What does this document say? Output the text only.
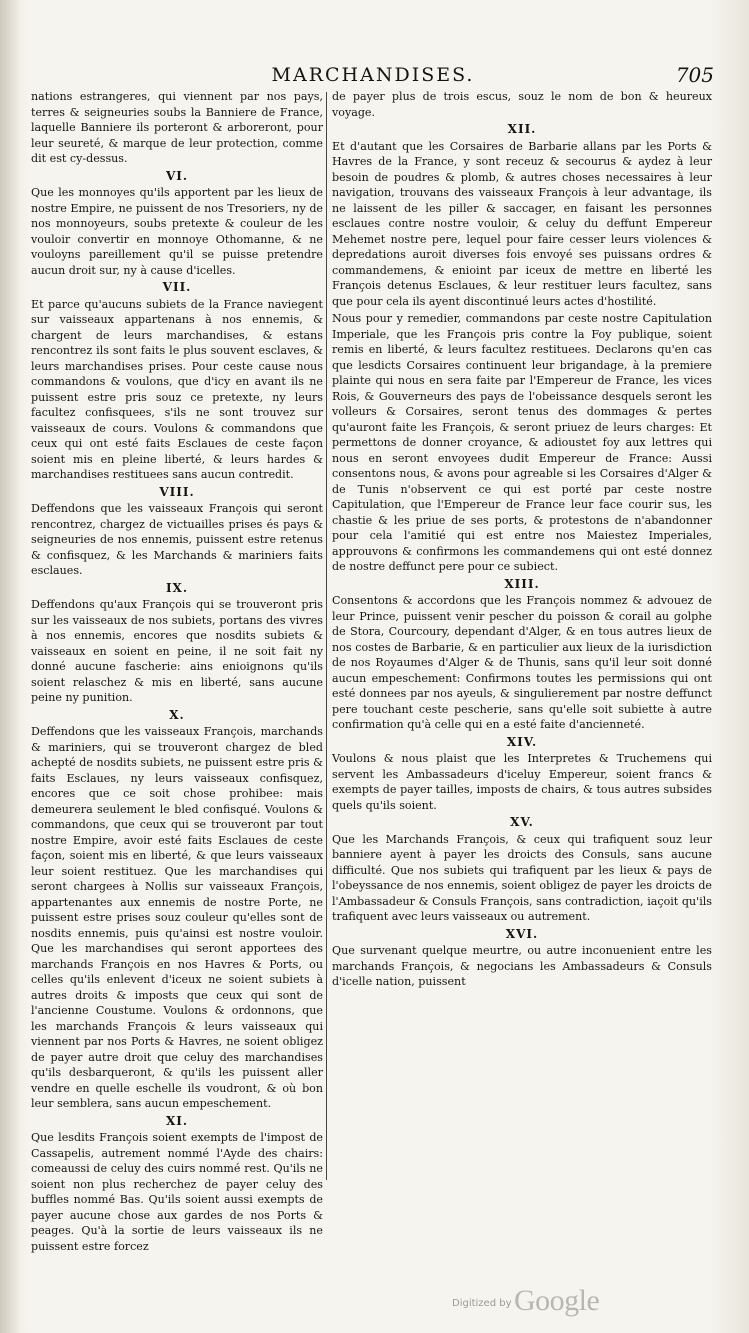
MARCHANDISES.	705

nations estrangeres, qui viennent par nos pays, terres & seigneuries soubs la Banniere de France, laquelle Banniere ils porteront & arboreront, pour leur seureté, & marque de leur protection, comme dit est cy-dessus.

VI.

Que les monnoyes qu'ils apportent par les lieux de nostre Empire, ne puissent de nos Tresoriers, ny de nos monnoyeurs, soubs pretexte & couleur de les vouloir convertir en monnoye Othomanne, & ne vouloyns pareillement qu'il se puisse pretendre aucun droit sur, ny à cause d'icelles.

VII.

Et parce qu'aucuns subiets de la France naviegent sur vaisseaux appartenans à nos ennemis, & chargent de leurs marchandises, & estans rencontrez ils sont faits le plus souvent esclaves, & leurs marchandises prises. Pour ceste cause nous commandons & voulons, que d'icy en avant ils ne puissent estre pris souz ce pretexte, ny leurs facultez confisquees, s'ils ne sont trouvez sur vaisseaux de cours. Voulons & commandons que ceux qui ont esté faits Esclaues de ceste façon soient mis en pleine liberté, & leurs hardes & marchandises restituees sans aucun contredit.

VIII.

Deffendons que les vaisseaux François qui seront rencontrez, chargez de victuailles prises és pays & seigneuries de nos ennemis, puissent estre retenus & confisquez, & les Marchands & mariniers faits esclaues.

IX.

Deffendons qu'aux François qui se trouveront pris sur les vaisseaux de nos subiets, portans des vivres à nos ennemis, encores que nosdits subiets & vaisseaux en soient en peine, il ne soit fait ny donné aucune fascherie: ains enioignons qu'ils soient relaschez & mis en liberté, sans aucune peine ny punition.

X.

Deffendons que les vaisseaux François, marchands & mariniers, qui se trouveront chargez de bled achepté de nosdits subiets, ne puissent estre pris & faits Esclaues, ny leurs vaisseaux confisquez, encores que ce soit chose prohibee: mais demeurera seulement le bled confisqué. Voulons & commandons, que ceux qui se trouveront par tout nostre Empire, avoir esté faits Esclaues de ceste façon, soient mis en liberté, & que leurs vaisseaux leur soient restituez. Que les marchandises qui seront chargees à Nollis sur vaisseaux François, appartenantes aux ennemis de nostre Porte, ne puissent estre prises souz couleur qu'elles sont de nosdits ennemis, puis qu'ainsi est nostre vouloir. Que les marchandises qui seront apportees des marchands François en nos Havres & Ports, ou celles qu'ils enlevent d'iceux ne soient subiets à autres droits & imposts que ceux qui sont de l'ancienne Coustume. Voulons & ordonnons, que les marchands François & leurs vaisseaux qui viennent par nos Ports & Havres, ne soient obligez de payer autre droit que celuy des marchandises qu'ils desbarqueront, & qu'ils les puissent aller vendre en quelle eschelle ils voudront, & où bon leur semblera, sans aucun empeschement.

XI.

Que lesdits François soient exempts de l'impost de Cassapelis, autrement nommé l'Ayde des chairs: comeaussi de celuy des cuirs nommé rest. Qu'ils ne soient non plus recherchez de payer celuy des buffles nommé Bas. Qu'ils soient aussi exempts de payer aucune chose aux gardes de nos Ports & peages. Qu'à la sortie de leurs vaisseaux ils ne puissent estre forcez

de payer plus de trois escus, souz le nom de bon & heureux voyage.

XII.

Et d'autant que les Corsaires de Barbarie allans par les Ports & Havres de la France, y sont receuz & secourus & aydez à leur besoin de poudres & plomb, & autres choses necessaires à leur navigation, trouvans des vaisseaux François à leur advantage, ils ne laissent de les piller & saccager, en faisant les personnes esclaues contre nostre vouloir, & celuy du deffunt Empereur Mehemet nostre pere, lequel pour faire cesser leurs violences & depredations auroit diverses fois envoyé ses puissans ordres & commandemens, & enioint par iceux de mettre en liberté les François detenus Esclaues, & leur restituer leurs facultez, sans que pour cela ils ayent discontinué leurs actes d'hostilité.

Nous pour y remedier, commandons par ceste nostre Capitulation Imperiale, que les François pris contre la Foy publique, soient remis en liberté, & leurs facultez restituees. Declarons qu'en cas que lesdicts Corsaires continuent leur brigandage, à la premiere plainte qui nous en sera faite par l'Empereur de France, les vices Rois, & Gouverneurs des pays de l'obeissance desquels seront les volleurs & Corsaires, seront tenus des dommages & pertes qu'auront faite les François, & seront priuez de leurs charges: Et permettons de donner croyance, & adioustet foy aux lettres qui nous en seront envoyees dudit Empereur de France: Aussi consentons nous, & avons pour agreable si les Corsaires d'Alger & de Tunis n'observent ce qui est porté par ceste nostre Capitulation, que l'Empereur de France leur face courir sus, les chastie & les priue de ses ports, & protestons de n'abandonner pour cela l'amitié qui est entre nos Maiestez Imperiales, approuvons & confirmons les commandemens qui ont esté donnez de nostre deffunct pere pour ce subiect.

XIII.

Consentons & accordons que les François nommez & advouez de leur Prince, puissent venir pescher du poisson & corail au golphe de Stora, Courcoury, dependant d'Alger, & en tous autres lieux de nos costes de Barbarie, & en particulier aux lieux de la iurisdiction de nos Royaumes d'Alger & de Thunis, sans qu'il leur soit donné aucun empeschement: Confirmons toutes les permissions qui ont esté donnees par nos ayeuls, & singulierement par nostre deffunct pere touchant ceste pescherie, sans qu'elle soit subiette à autre confirmation qu'à celle qui en a esté faite d'ancienneté.

XIV.

Voulons & nous plaist que les Interpretes & Truchemens qui servent les Ambassadeurs d'iceluy Empereur, soient francs & exempts de payer tailles, imposts de chairs, & tous autres subsides quels qu'ils soient.

XV.

Que les Marchands François, & ceux qui trafiquent souz leur banniere ayent à payer les droicts des Consuls, sans aucune difficulté. Que nos subiets qui trafiquent par les lieux & pays de l'obeyssance de nos ennemis, soient obligez de payer les droicts de l'Ambassadeur & Consuls François, sans contradiction, iaçoit qu'ils trafiquent avec leurs vaisseaux ou autrement.

XVI.

Que survenant quelque meurtre, ou autre inconuenient entre les marchands François, & negocians les Ambassadeurs & Consuls d'icelle nation, puissent

Digitized by Google
